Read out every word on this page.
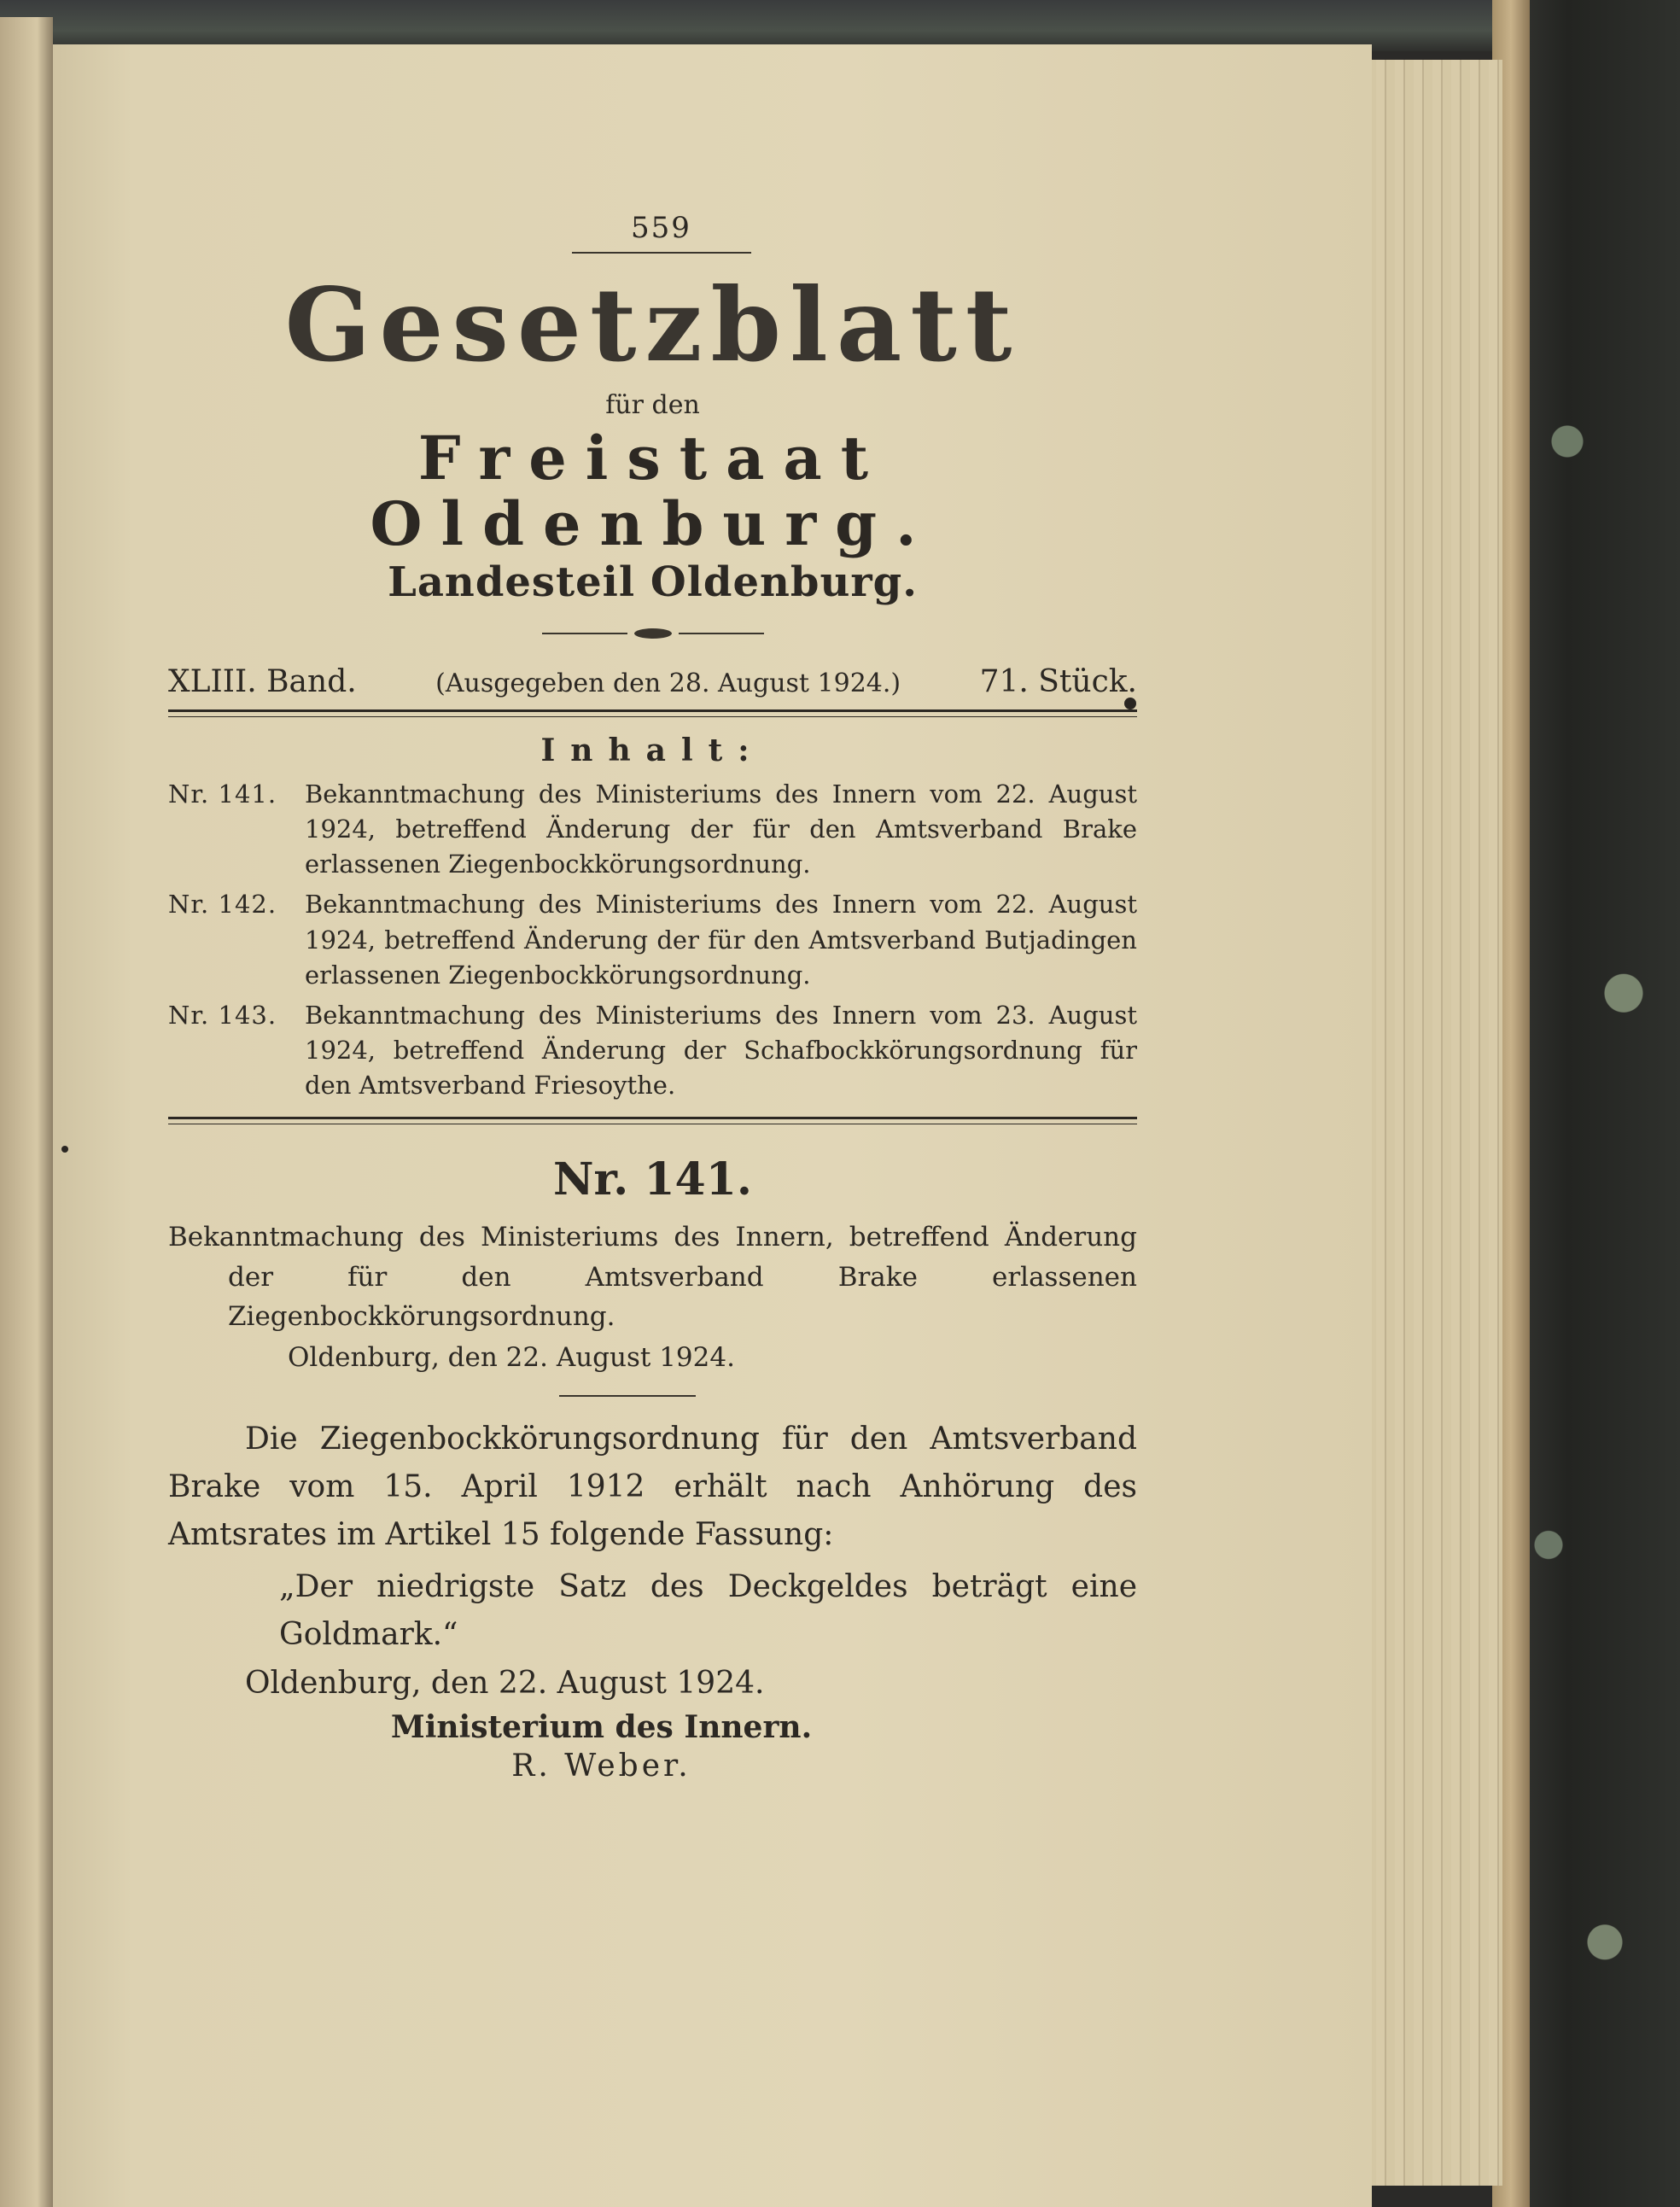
559
Gesetzblatt
für den
Freistaat Oldenburg.
Landesteil Oldenburg.
XLIII. Band.	(Ausgegeben den 28. August 1924.)	71. Stück.
Inhalt:
Nr. 141.	Bekanntmachung des Ministeriums des Innern vom 22. August 1924, betreffend Änderung der für den Amtsverband Brake erlassenen Ziegenbockkörungsordnung.
Nr. 142.	Bekanntmachung des Ministeriums des Innern vom 22. August 1924, betreffend Änderung der für den Amtsverband Butjadingen erlassenen Ziegenbockkörungsordnung.
Nr. 143.	Bekanntmachung des Ministeriums des Innern vom 23. August 1924, betreffend Änderung der Schafbockkörungsordnung für den Amtsverband Friesoythe.
Nr. 141.
Bekanntmachung des Ministeriums des Innern, betreffend Änderung der für den Amtsverband Brake erlassenen Ziegenbockkörungsordnung.
Oldenburg, den 22. August 1924.
Die Ziegenbockkörungsordnung für den Amtsverband Brake vom 15. April 1912 erhält nach Anhörung des Amtsrates im Artikel 15 folgende Fassung:
„Der niedrigste Satz des Deckgeldes beträgt eine Goldmark.“
Oldenburg, den 22. August 1924.
Ministerium des Innern.
R. Weber.
